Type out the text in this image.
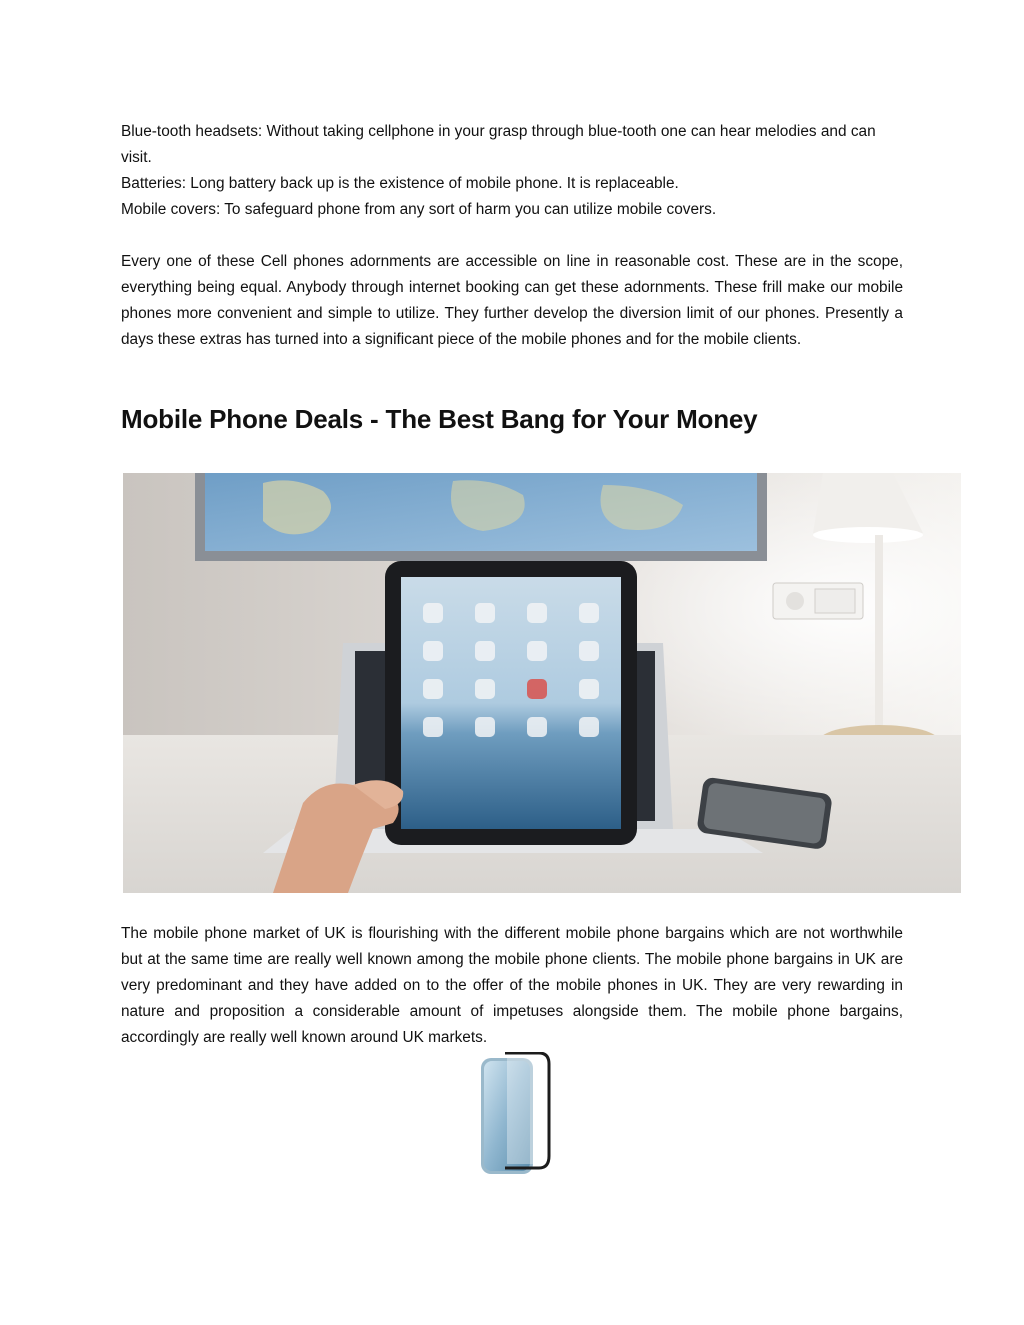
Blue-tooth headsets: Without taking cellphone in your grasp through blue-tooth one can hear melodies and can visit.
Batteries: Long battery back up is the existence of mobile phone. It is replaceable.
Mobile covers: To safeguard phone from any sort of harm you can utilize mobile covers.

Every one of these Cell phones adornments are accessible on line in reasonable cost. These are in the scope, everything being equal. Anybody through internet booking can get these adornments. These frill make our mobile phones more convenient and simple to utilize. They further develop the diversion limit of our phones. Presently a days these extras has turned into a significant piece of the mobile phones and for the mobile clients.

Mobile Phone Deals - The Best Bang for Your Money

The mobile phone market of UK is flourishing with the different mobile phone bargains which are not worthwhile but at the same time are really well known among the mobile phone clients. The mobile phone bargains in UK are very predominant and they have added on to the offer of the mobile phones in UK. They are very rewarding in nature and proposition a considerable amount of impetuses alongside them. The mobile phone bargains, accordingly are really well known around UK markets.
